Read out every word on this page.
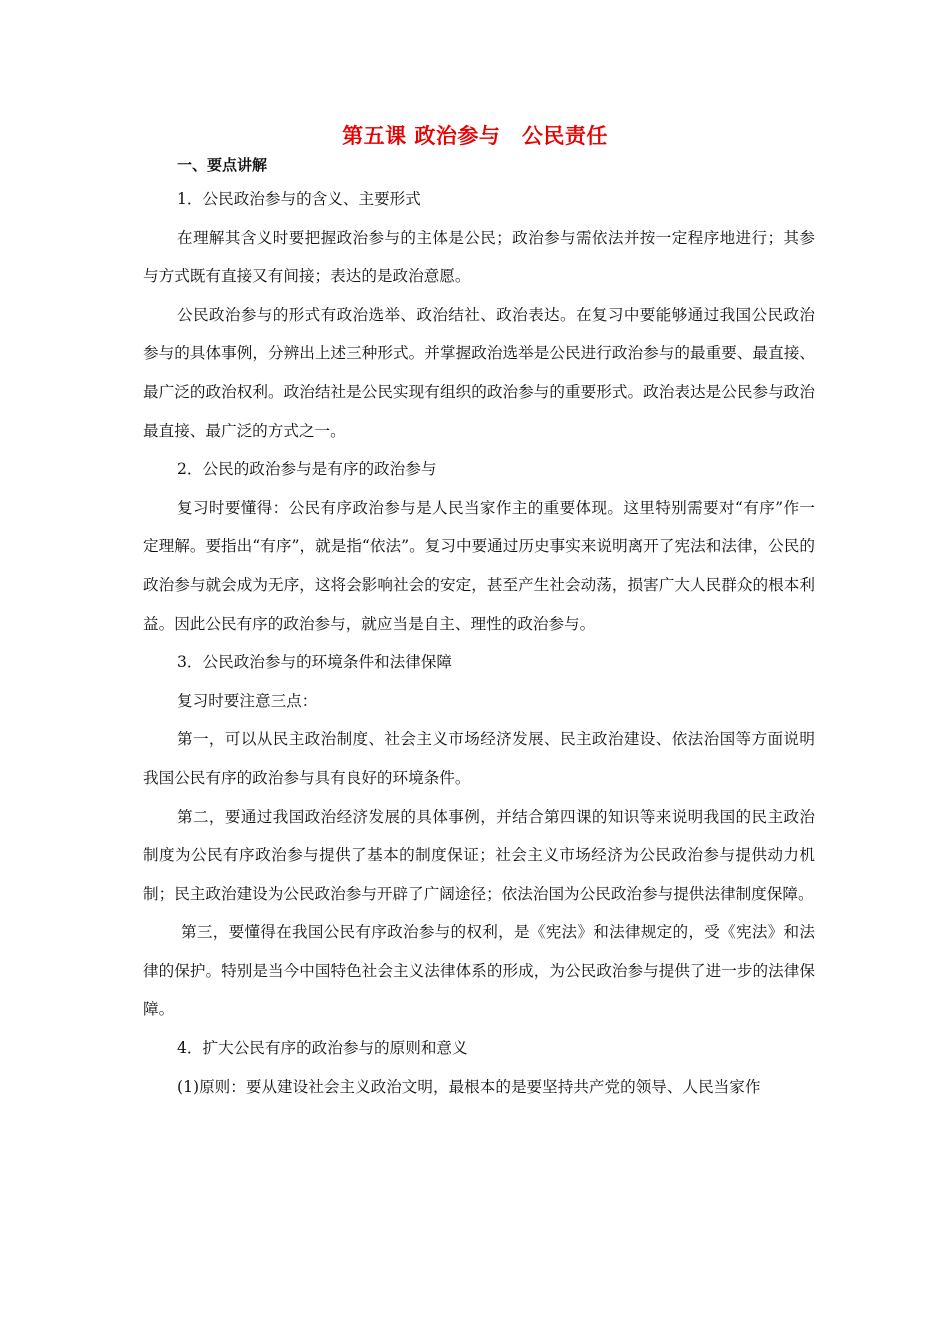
第五课 政治参与　公民责任
一、要点讲解

1．公民政治参与的含义、主要形式

在理解其含义时要把握政治参与的主体是公民；政治参与需依法并按一定程序地进行；其参与方式既有直接又有间接；表达的是政治意愿。

公民政治参与的形式有政治选举、政治结社、政治表达。在复习中要能够通过我国公民政治参与的具体事例，分辨出上述三种形式。并掌握政治选举是公民进行政治参与的最重要、最直接、最广泛的政治权利。政治结社是公民实现有组织的政治参与的重要形式。政治表达是公民参与政治最直接、最广泛的方式之一。

2．公民的政治参与是有序的政治参与

复习时要懂得：公民有序政治参与是人民当家作主的重要体现。这里特别需要对“有序”作一定理解。要指出“有序”，就是指“依法”。复习中要通过历史事实来说明离开了宪法和法律，公民的政治参与就会成为无序，这将会影响社会的安定，甚至产生社会动荡，损害广大人民群众的根本利益。因此公民有序的政治参与，就应当是自主、理性的政治参与。

3．公民政治参与的环境条件和法律保障

复习时要注意三点：

第一，可以从民主政治制度、社会主义市场经济发展、民主政治建设、依法治国等方面说明我国公民有序的政治参与具有良好的环境条件。

第二，要通过我国政治经济发展的具体事例，并结合第四课的知识等来说明我国的民主政治制度为公民有序政治参与提供了基本的制度保证；社会主义市场经济为公民政治参与提供动力机制；民主政治建设为公民政治参与开辟了广阔途径；依法治国为公民政治参与提供法律制度保障。

第三，要懂得在我国公民有序政治参与的权利，是《宪法》和法律规定的，受《宪法》和法律的保护。特别是当今中国特色社会主义法律体系的形成，为公民政治参与提供了进一步的法律保障。

4．扩大公民有序的政治参与的原则和意义

(1)原则：要从建设社会主义政治文明，最根本的是要坚持共产党的领导、人民当家作
